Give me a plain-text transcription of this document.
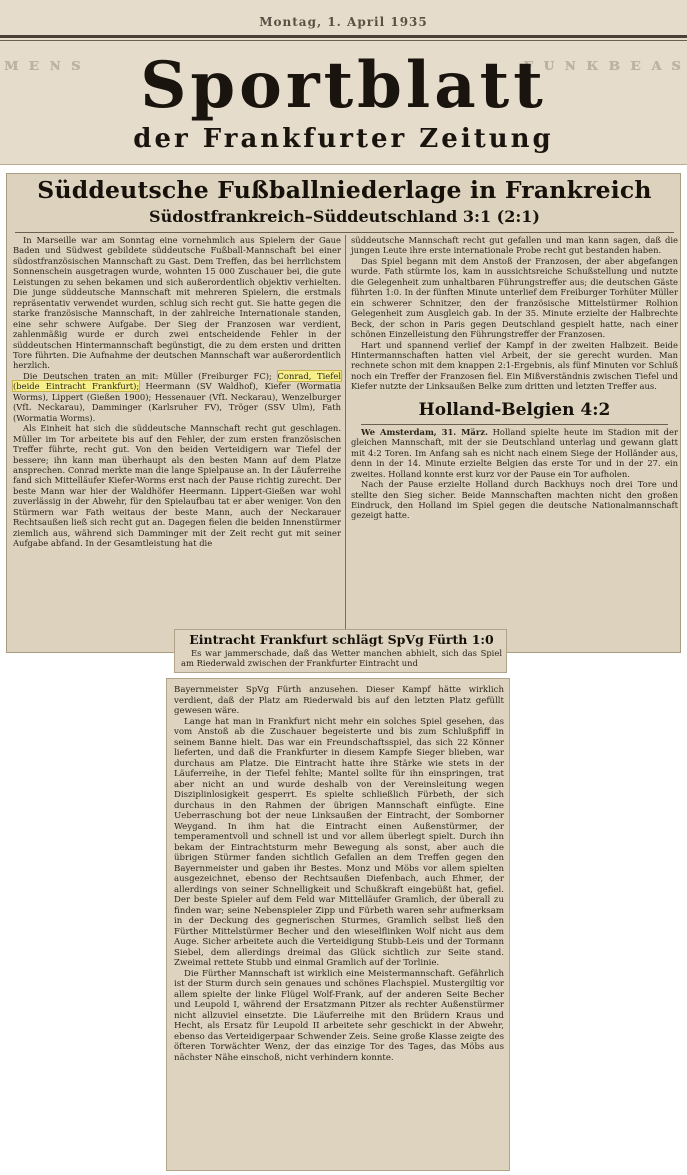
Montag, 1. April 1935
ᴍ ᴇ ɴ ꜱ	ꜰ ᴜ ɴ ᴋ ʙ ᴇ ᴀ ꜱ
Sportblatt
der Frankfurter Zeitung
Süddeutsche Fußballniederlage in Frankreich
Südostfrankreich–Süddeutschland 3:1 (2:1)

In Marseille war am Sonntag eine vornehmlich aus Spielern der Gaue Baden und Südwest gebildete süddeutsche Fußball-Mannschaft bei einer südostfranzösischen Mannschaft zu Gast. Dem Treffen, das bei herrlichstem Sonnenschein ausgetragen wurde, wohnten 15 000 Zuschauer bei, die gute Leistungen zu sehen bekamen und sich außerordentlich objektiv verhielten. Die junge süddeutsche Mannschaft mit mehreren Spielern, die erstmals repräsentativ verwendet wurden, schlug sich recht gut. Sie hatte gegen die starke französische Mannschaft, in der zahlreiche Internationale standen, eine sehr schwere Aufgabe. Der Sieg der Franzosen war verdient, zahlenmäßig wurde er durch zwei entscheidende Fehler in der süddeutschen Hintermannschaft begünstigt, die zu dem ersten und dritten Tore führten. Die Aufnahme der deutschen Mannschaft war außerordentlich herzlich.

Die Deutschen traten an mit: Müller (Freiburger FC); Conrad, Tiefel (beide Eintracht Frankfurt); Heermann (SV Waldhof), Kiefer (Wormatia Worms), Lippert (Gießen 1900); Hessenauer (VfL Neckarau), Wenzelburger (VfL Neckarau), Damminger (Karlsruher FV), Tröger (SSV Ulm), Fath (Wormatia Worms).

Als Einheit hat sich die süddeutsche Mannschaft recht gut geschlagen. Müller im Tor arbeitete bis auf den Fehler, der zum ersten französischen Treffer führte, recht gut. Von den beiden Verteidigern war Tiefel der bessere; ihn kann man überhaupt als den besten Mann auf dem Platze ansprechen. Conrad merkte man die lange Spielpause an. In der Läuferreihe fand sich Mittelläufer Kiefer-Worms erst nach der Pause richtig zurecht. Der beste Mann war hier der Waldhöfer Heermann. Lippert-Gießen war wohl zuverlässig in der Abwehr, für den Spielaufbau tat er aber weniger. Von den Stürmern war Fath weitaus der beste Mann, auch der Neckarauer Rechtsaußen ließ sich recht gut an. Dagegen fielen die beiden Innenstürmer ziemlich aus, während sich Damminger mit der Zeit recht gut mit seiner Aufgabe abfand. In der Gesamtleistung hat die

süddeutsche Mannschaft recht gut gefallen und man kann sagen, daß die jungen Leute ihre erste internationale Probe recht gut bestanden haben.

Das Spiel begann mit dem Anstoß der Franzosen, der aber abgefangen wurde. Fath stürmte los, kam in aussichtsreiche Schußstellung und nutzte die Gelegenheit zum unhaltbaren Führungstreffer aus; die deutschen Gäste führten 1:0. In der fünften Minute unterlief dem Freiburger Torhüter Müller ein schwerer Schnitzer, den der französische Mittelstürmer Rolhion Gelegenheit zum Ausgleich gab. In der 35. Minute erzielte der Halbrechte Beck, der schon in Paris gegen Deutschland gespielt hatte, nach einer schönen Einzelleistung den Führungstreffer der Franzosen.

Hart und spannend verlief der Kampf in der zweiten Halbzeit. Beide Hintermannschaften hatten viel Arbeit, der sie gerecht wurden. Man rechnete schon mit dem knappen 2:1-Ergebnis, als fünf Minuten vor Schluß noch ein Treffer der Franzosen fiel. Ein Mißverständnis zwischen Tiefel und Kiefer nutzte der Linksaußen Belke zum dritten und letzten Treffer aus.

Holland-Belgien 4:2

We Amsterdam, 31. März. Holland spielte heute im Stadion mit der gleichen Mannschaft, mit der sie Deutschland unterlag und gewann glatt mit 4:2 Toren. Im Anfang sah es nicht nach einem Siege der Holländer aus, denn in der 14. Minute erzielte Belgien das erste Tor und in der 27. ein zweites. Holland konnte erst kurz vor der Pause ein Tor aufholen.

Nach der Pause erzielte Holland durch Backhuys noch drei Tore und stellte den Sieg sicher. Beide Mannschaften machten nicht den großen Eindruck, den Holland im Spiel gegen die deutsche Nationalmannschaft gezeigt hatte.

Eintracht Frankfurt schlägt SpVg Fürth 1:0

Es war jammerschade, daß das Wetter manchen abhielt, sich das Spiel am Riederwald zwischen der Frankfurter Eintracht und

Bayernmeister SpVg Fürth anzusehen. Dieser Kampf hätte wirklich verdient, daß der Platz am Riederwald bis auf den letzten Platz gefüllt gewesen wäre.

Lange hat man in Frankfurt nicht mehr ein solches Spiel gesehen, das vom Anstoß ab die Zuschauer begeisterte und bis zum Schlußpfiff in seinem Banne hielt. Das war ein Freundschaftsspiel, das sich 22 Könner lieferten, und daß die Frankfurter in diesem Kampfe Sieger blieben, war durchaus am Platze. Die Eintracht hatte ihre Stärke wie stets in der Läuferreihe, in der Tiefel fehlte; Mantel sollte für ihn einspringen, trat aber nicht an und wurde deshalb von der Vereinsleitung wegen Disziplinlosigkeit gesperrt. Es spielte schließlich Fürbeth, der sich durchaus in den Rahmen der übrigen Mannschaft einfügte. Eine Ueberraschung bot der neue Linksaußen der Eintracht, der Somborner Weygand. In ihm hat die Eintracht einen Außenstürmer, der temperamentvoll und schnell ist und vor allem überlegt spielt. Durch ihn bekam der Eintrachtsturm mehr Bewegung als sonst, aber auch die übrigen Stürmer fanden sichtlich Gefallen an dem Treffen gegen den Bayernmeister und gaben ihr Bestes. Monz und Möbs vor allem spielten ausgezeichnet, ebenso der Rechtsaußen Diefenbach, auch Ehmer, der allerdings von seiner Schnelligkeit und Schußkraft eingebüßt hat, gefiel. Der beste Spieler auf dem Feld war Mittelläufer Gramlich, der überall zu finden war; seine Nebenspieler Zipp und Fürbeth waren sehr aufmerksam in der Deckung des gegnerischen Sturmes, Gramlich selbst ließ den Fürther Mittelstürmer Becher und den wieselflinken Wolf nicht aus dem Auge. Sicher arbeitete auch die Verteidigung Stubb-Leis und der Tormann Siebel, dem allerdings dreimal das Glück sichtlich zur Seite stand. Zweimal rettete Stubb und einmal Gramlich auf der Torlinie.

Die Fürther Mannschaft ist wirklich eine Meistermannschaft. Gefährlich ist der Sturm durch sein genaues und schönes Flachspiel. Mustergiltig vor allem spielte der linke Flügel Wolf-Frank, auf der anderen Seite Becher und Leupold I, während der Ersatzmann Pitzer als rechter Außenstürmer nicht allzuviel einsetzte. Die Läuferreihe mit den Brüdern Kraus und Hecht, als Ersatz für Leupold II arbeitete sehr geschickt in der Abwehr, ebenso das Verteidigerpaar Schwender Zeis. Seine große Klasse zeigte des öfteren Torwächter Wenz, der das einzige Tor des Tages, das Möbs aus nächster Nähe einschoß, nicht verhindern konnte.
